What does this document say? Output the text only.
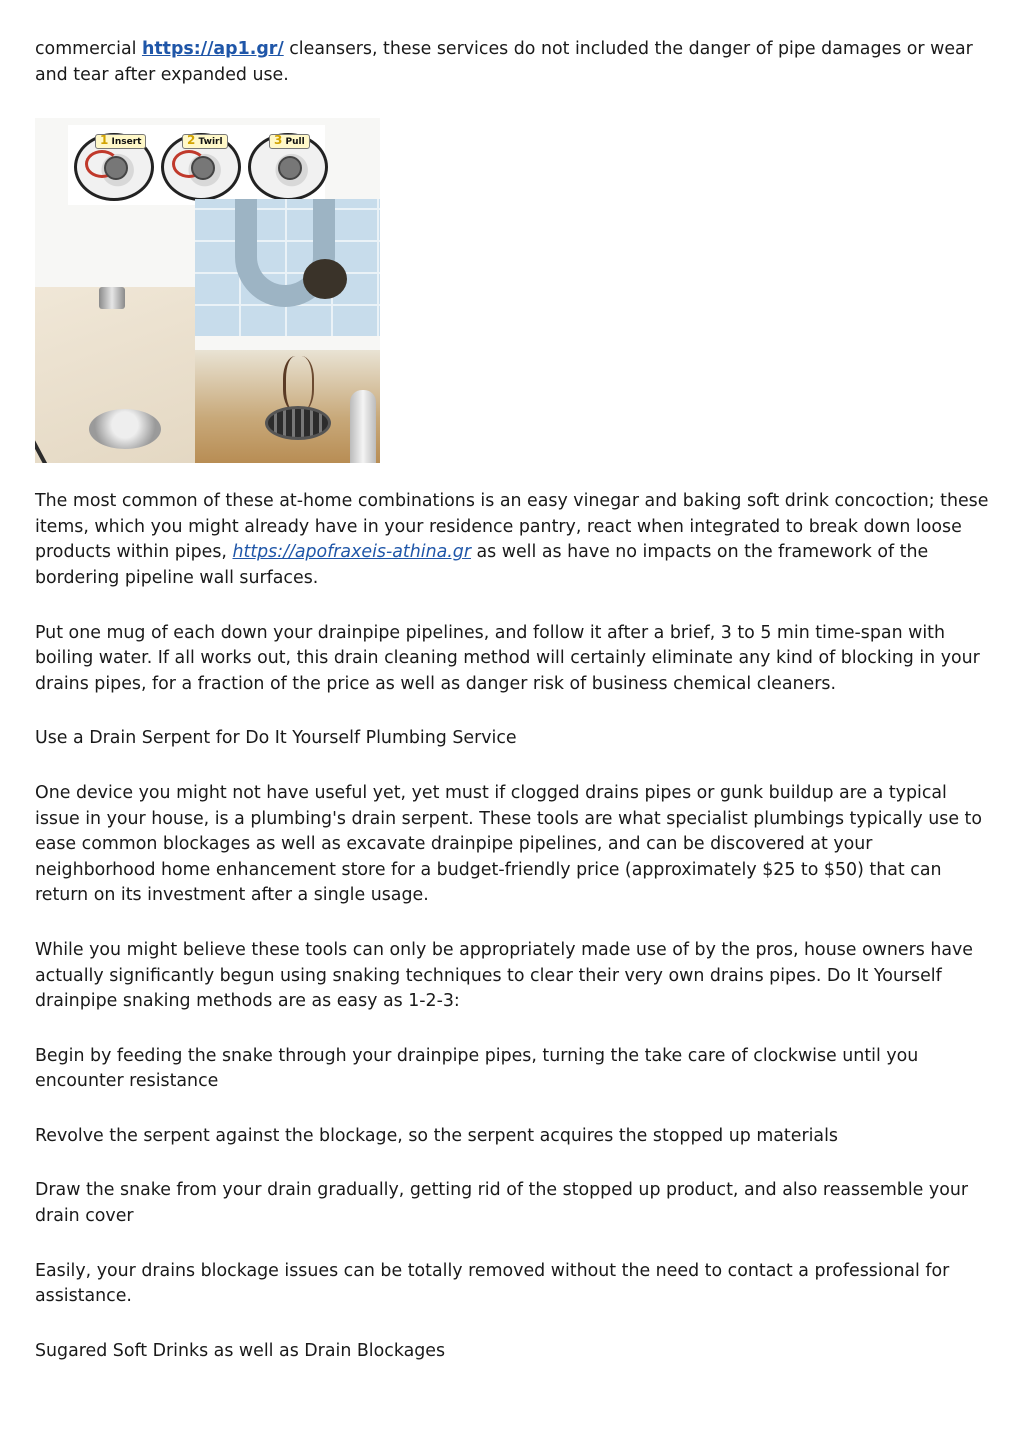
commercial https://ap1.gr/ cleansers, these services do not included the danger of pipe damages or wear and tear after expanded use.

1 Insert	2 Twirl	3 Pull

The most common of these at-home combinations is an easy vinegar and baking soft drink concoction; these items, which you might already have in your residence pantry, react when integrated to break down loose products within pipes, https://apofraxeis-athina.gr as well as have no impacts on the framework of the bordering pipeline wall surfaces.

Put one mug of each down your drainpipe pipelines, and follow it after a brief, 3 to 5 min time-span with boiling water. If all works out, this drain cleaning method will certainly eliminate any kind of blocking in your drains pipes, for a fraction of the price as well as danger risk of business chemical cleaners.

Use a Drain Serpent for Do It Yourself Plumbing Service

One device you might not have useful yet, yet must if clogged drains pipes or gunk buildup are a typical issue in your house, is a plumbing's drain serpent. These tools are what specialist plumbings typically use to ease common blockages as well as excavate drainpipe pipelines, and can be discovered at your neighborhood home enhancement store for a budget-friendly price (approximately $25 to $50) that can return on its investment after a single usage.

While you might believe these tools can only be appropriately made use of by the pros, house owners have actually significantly begun using snaking techniques to clear their very own drains pipes. Do It Yourself drainpipe snaking methods are as easy as 1-2-3:

Begin by feeding the snake through your drainpipe pipes, turning the take care of clockwise until you encounter resistance

Revolve the serpent against the blockage, so the serpent acquires the stopped up materials

Draw the snake from your drain gradually, getting rid of the stopped up product, and also reassemble your drain cover

Easily, your drains blockage issues can be totally removed without the need to contact a professional for assistance.

Sugared Soft Drinks as well as Drain Blockages
